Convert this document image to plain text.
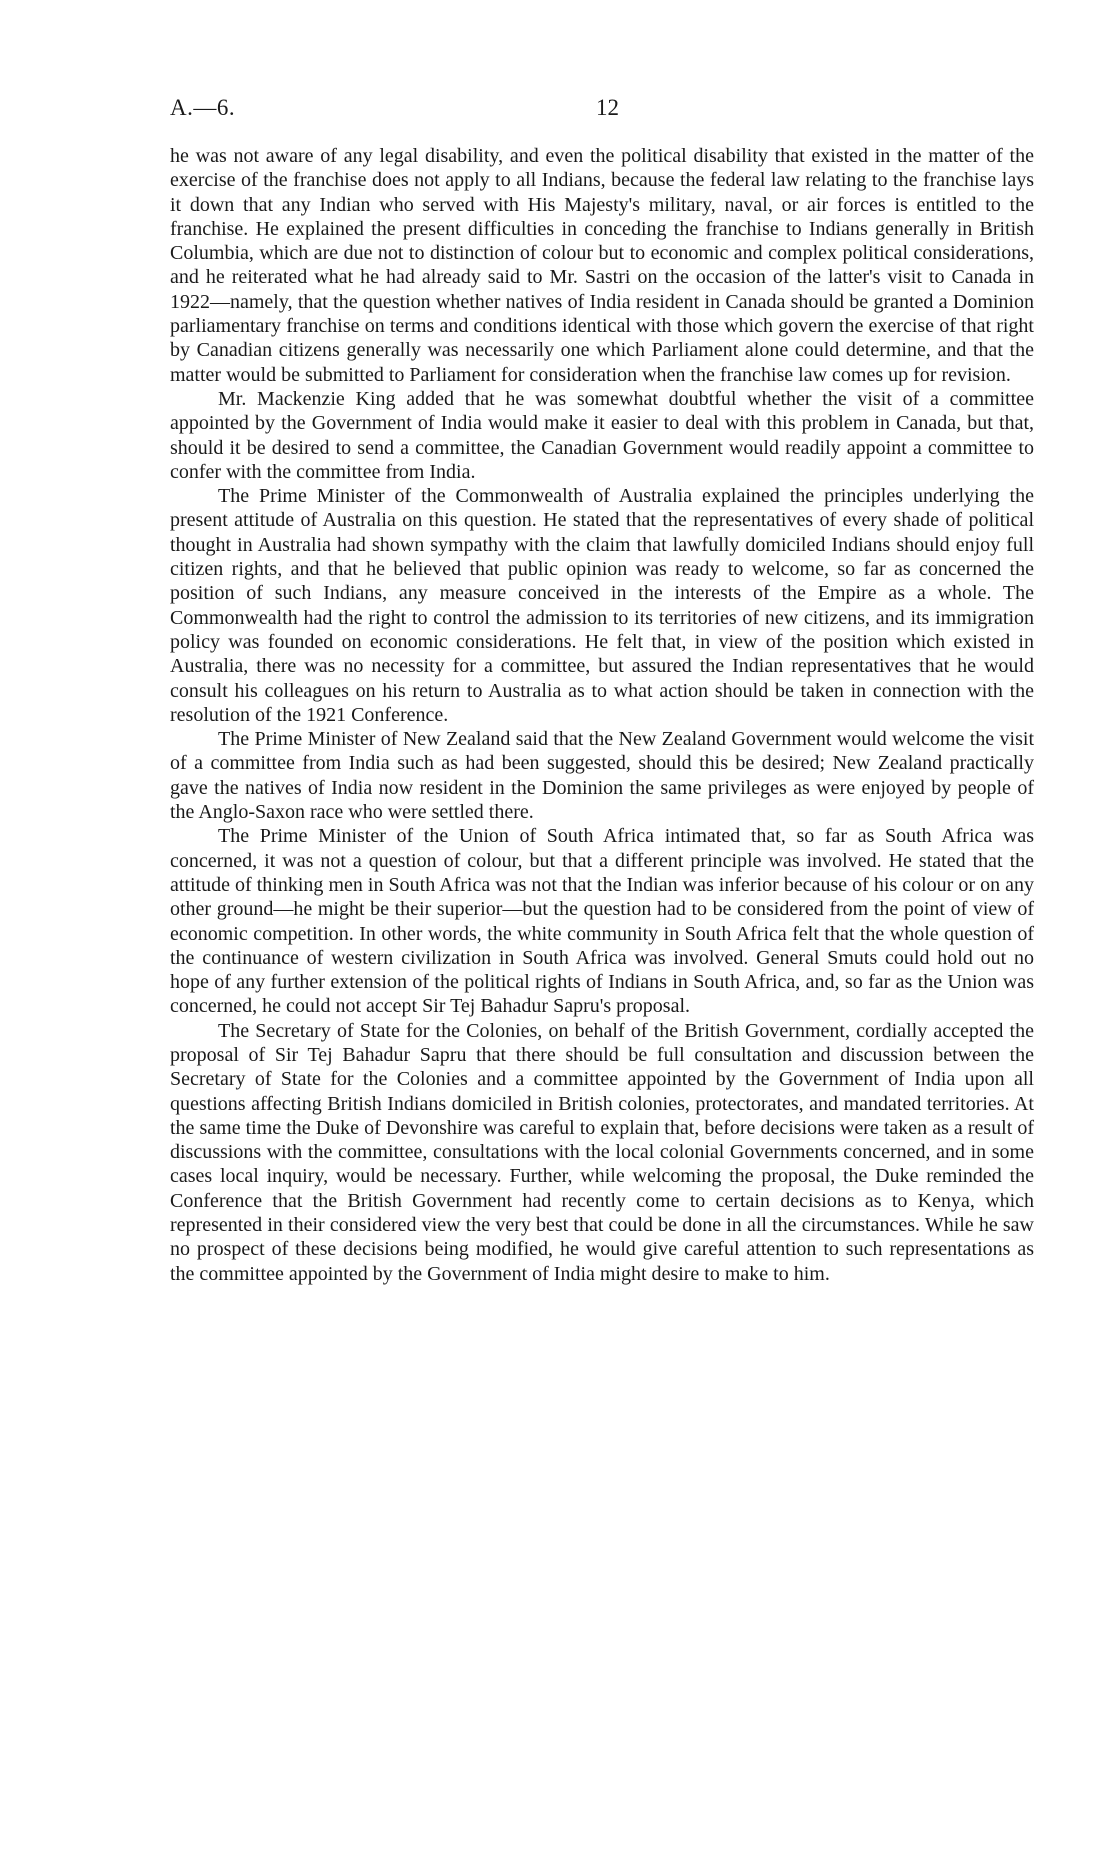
A.—6.	12

he was not aware of any legal disability, and even the political disability that existed in the matter of the exercise of the franchise does not apply to all Indians, because the federal law relating to the franchise lays it down that any Indian who served with His Majesty's military, naval, or air forces is entitled to the franchise. He explained the present difficulties in conceding the franchise to Indians generally in British Columbia, which are due not to distinction of colour but to economic and complex political considerations, and he reiterated what he had already said to Mr. Sastri on the occasion of the latter's visit to Canada in 1922—namely, that the question whether natives of India resident in Canada should be granted a Dominion parliamentary franchise on terms and conditions identical with those which govern the exercise of that right by Canadian citizens generally was necessarily one which Parliament alone could determine, and that the matter would be submitted to Parliament for consideration when the franchise law comes up for revision.

Mr. Mackenzie King added that he was somewhat doubtful whether the visit of a committee appointed by the Government of India would make it easier to deal with this problem in Canada, but that, should it be desired to send a committee, the Canadian Government would readily appoint a committee to confer with the committee from India.

The Prime Minister of the Commonwealth of Australia explained the principles underlying the present attitude of Australia on this question. He stated that the representatives of every shade of political thought in Australia had shown sympathy with the claim that lawfully domiciled Indians should enjoy full citizen rights, and that he believed that public opinion was ready to welcome, so far as concerned the position of such Indians, any measure conceived in the interests of the Empire as a whole. The Commonwealth had the right to control the admission to its territories of new citizens, and its immigration policy was founded on economic considerations. He felt that, in view of the position which existed in Australia, there was no necessity for a committee, but assured the Indian representatives that he would consult his colleagues on his return to Australia as to what action should be taken in connection with the resolution of the 1921 Conference.

The Prime Minister of New Zealand said that the New Zealand Government would welcome the visit of a committee from India such as had been suggested, should this be desired; New Zealand practically gave the natives of India now resident in the Dominion the same privileges as were enjoyed by people of the Anglo-Saxon race who were settled there.

The Prime Minister of the Union of South Africa intimated that, so far as South Africa was concerned, it was not a question of colour, but that a different principle was involved. He stated that the attitude of thinking men in South Africa was not that the Indian was inferior because of his colour or on any other ground—he might be their superior—but the question had to be considered from the point of view of economic competition. In other words, the white community in South Africa felt that the whole question of the continuance of western civilization in South Africa was involved. General Smuts could hold out no hope of any further extension of the political rights of Indians in South Africa, and, so far as the Union was concerned, he could not accept Sir Tej Bahadur Sapru's proposal.

The Secretary of State for the Colonies, on behalf of the British Government, cordially accepted the proposal of Sir Tej Bahadur Sapru that there should be full consultation and discussion between the Secretary of State for the Colonies and a committee appointed by the Government of India upon all questions affecting British Indians domiciled in British colonies, protectorates, and mandated territories. At the same time the Duke of Devonshire was careful to explain that, before decisions were taken as a result of discussions with the committee, consultations with the local colonial Governments concerned, and in some cases local inquiry, would be necessary. Further, while welcoming the proposal, the Duke reminded the Conference that the British Government had recently come to certain decisions as to Kenya, which represented in their considered view the very best that could be done in all the circumstances. While he saw no prospect of these decisions being modified, he would give careful attention to such representations as the committee appointed by the Government of India might desire to make to him.
